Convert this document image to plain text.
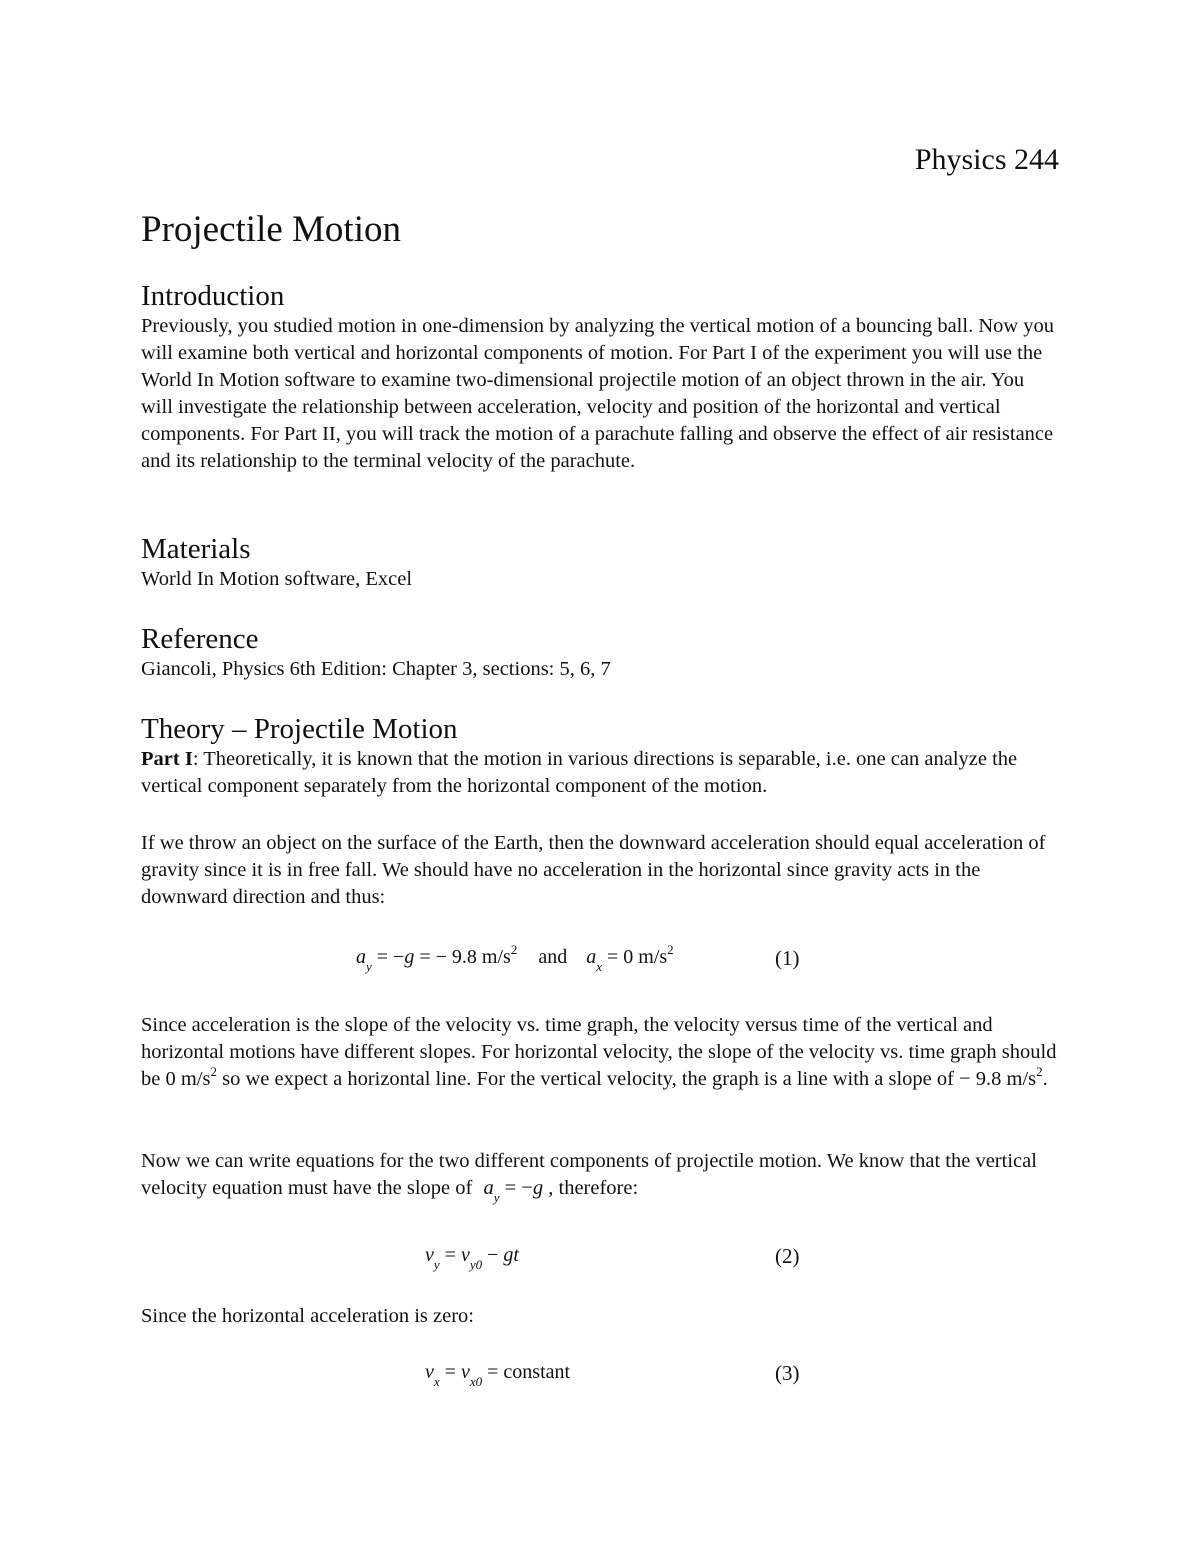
Physics 244
Projectile Motion
Introduction

Previously, you studied motion in one-dimension by analyzing the vertical motion of a bouncing ball. Now you will examine both vertical and horizontal components of motion. For Part I of the experiment you will use the World In Motion software to examine two-dimensional projectile motion of an object thrown in the air. You will investigate the relationship between acceleration, velocity and position of the horizontal and vertical components. For Part II, you will track the motion of a parachute falling and observe the effect of air resistance and its relationship to the terminal velocity of the parachute.

Materials

World In Motion software, Excel

Reference

Giancoli, Physics 6th Edition: Chapter 3, sections: 5, 6, 7

Theory – Projectile Motion

Part I: Theoretically, it is known that the motion in various directions is separable, i.e. one can analyze the vertical component separately from the horizontal component of the motion.

If we throw an object on the surface of the Earth, then the downward acceleration should equal acceleration of gravity since it is in free fall. We should have no acceleration in the horizontal since gravity acts in the downward direction and thus:

$a_y = -g$ = − 9.8 $m/s^2$ and $a_x = 0$ $m/s^2$	(1)

Since acceleration is the slope of the velocity vs. time graph, the velocity versus time of the vertical and horizontal motions have different slopes. For horizontal velocity, the slope of the velocity vs. time graph should be 0 $m/s^2$ so we expect a horizontal line. For the vertical velocity, the graph is a line with a slope of − 9.8 $m/s^2$.

Now we can write equations for the two different components of projectile motion. We know that the vertical velocity equation must have the slope of $a_y = -g$ , therefore:

$v_y = v_{y0}$ − gt	(2)

Since the horizontal acceleration is zero:

$v_x = v_{x0}$ = constant	(3)
